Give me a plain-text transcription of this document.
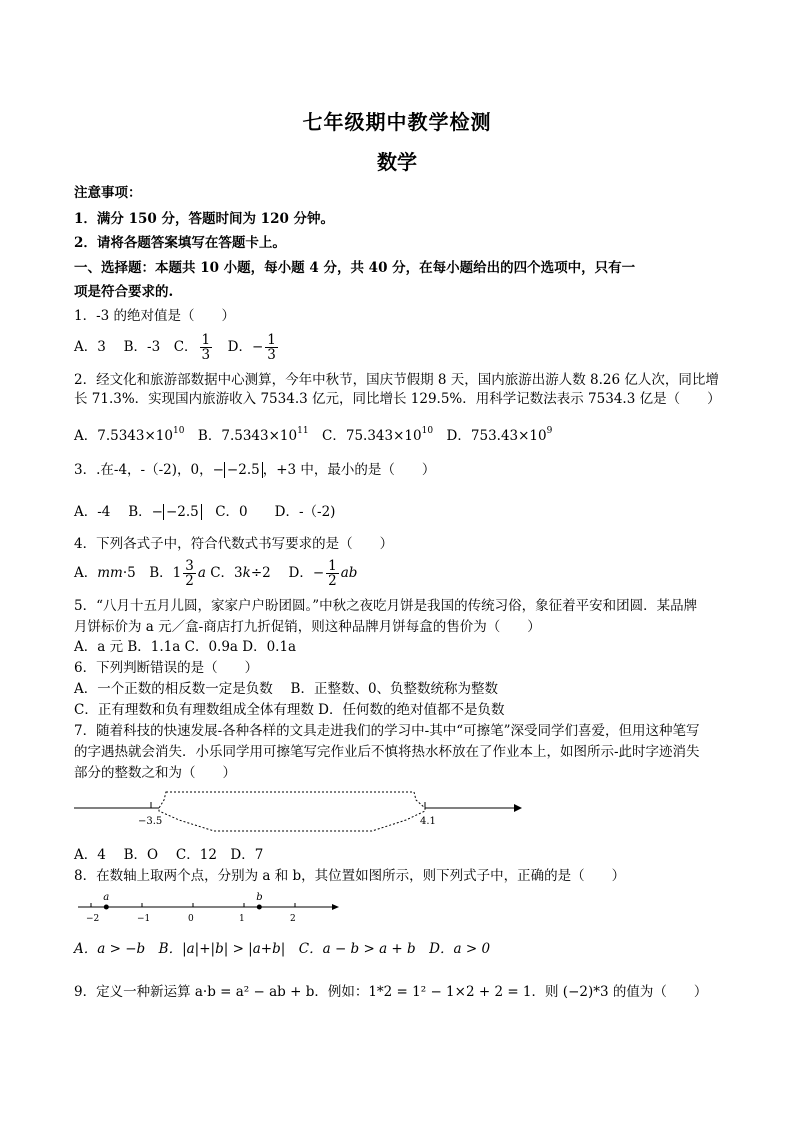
七年级期中教学检测
数学
注意事项：
1．满分 150 分，答题时间为 120 分钟。
2．请将各题答案填写在答题卡上。
一、选择题：本题共 10 小题，每小题 4 分，共 40 分，在每小题给出的四个选项中，只有一
项是符合要求的.
1．-3 的绝对值是（　　）
A．3　 B．-3　C． $\frac{1}{3}$ 　D．− $\frac{1}{3}$
2．经文化和旅游部数据中心测算，今年中秋节，国庆节假期 8 天，国内旅游出游人数 8.26 亿人次，同比增
长 71.3%．实现国内旅游收入 7534.3 亿元，同比增长 129.5%．用科学记数法表示 7534.3 亿是（　　）
A．$7.5343\times 10^{10}$　B．$7.5343\times 10^{11}$　C．$75.343\times 10^{10}$　D．$753.43\times 10^9$
3．.在-4，-（-2)，0，− −2.5 ，+3 中，最小的是（　　）
A．-4　 B．− −2.5　C．0　　D．-（-2)
4．下列各式子中，符合代数式书写要求的是（　　）
A．mm·5　B．$1 \frac{3}{2}$ a C．3k÷2　 D．− $\frac{1}{2}$ ab
5．“八月十五月儿圆，家家户户盼团圆。”中秋之夜吃月饼是我国的传统习俗，象征着平安和团圆．某品牌
月饼标价为 a 元／盒-商店打九折促销，则这种品牌月饼每盒的售价为（　　）
A．a 元 B．1.1a C．0.9a D．0.1a
6．下列判断错误的是（　　）
A．一个正数的相反数一定是负数　 B．正整数、0、负整数统称为整数
C．正有理数和负有理数组成全体有理数 D．任何数的绝对值都不是负数
7．随着科技的快速发展-各种各样的文具走进我们的学习中-其中“可擦笔”深受同学们喜爱，但用这种笔写
的字遇热就会消失．小乐同学用可擦笔写完作业后不慎将热水杯放在了作业本上，如图所示-此时字迹消失
部分的整数之和为（　　）
−3.5	4.1
A．4　 B．O　 C．12　D．7
8．在数轴上取两个点，分别为 a 和 b，其位置如图所示，则下列式子中，正确的是（　　）
−2	−1	0	1	2
a	b
A．a > −b　B．|a|+|b| > |a+b|　C．a − b > a + b　D．a > 0
9．定义一种新运算 a·b = a² − ab + b．例如：1*2 = 1² − 1×2 + 2 = 1．则 (−2)*3 的值为（　　）
